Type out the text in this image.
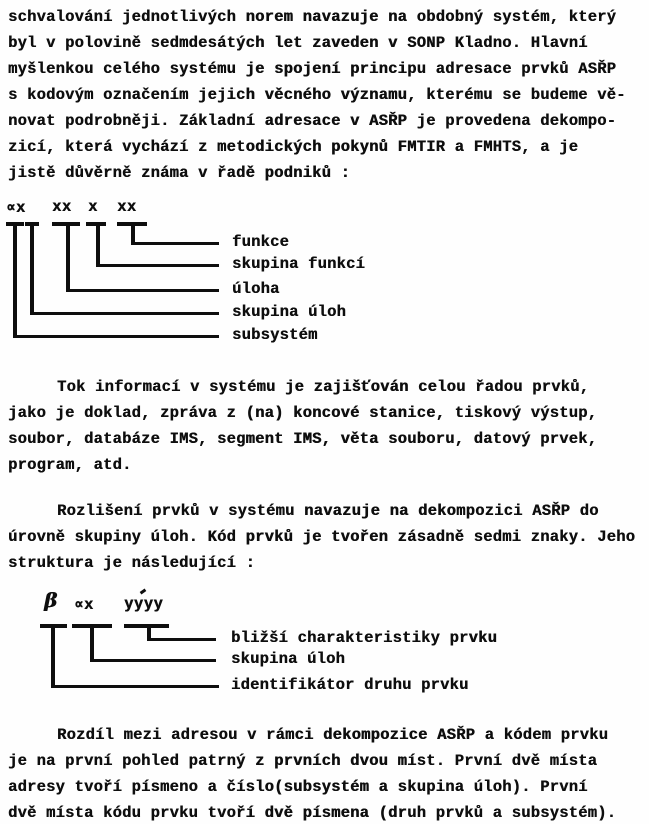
schvalování jednotlivých norem navazuje na obdobný systém, který
byl v polovině sedmdesátých let zaveden v SONP Kladno. Hlavní
myšlenkou celého systému je spojení principu adresace prvků ASŘP
s kodovým označením jejich věcného významu, kterému se budeme vě-
novat podrobněji. Základní adresace v ASŘP je provedena dekompo-
zicí, která vychází z metodických pokynů FMTIR a FMHTS, a je
jistě důvěrně známa v řadě podniků :
∝x xx x xx
funkce
skupina funkcí
úloha
skupina úloh
subsystém
Tok informací v systému je zajišťován celou řadou prvků,
jako je doklad, zpráva z (na) koncové stanice, tiskový výstup,
soubor, databáze IMS, segment IMS, věta souboru, datový prvek,
program, atd.
Rozlišení prvků v systému navazuje na dekompozici ASŘP do
úrovně skupiny úloh. Kód prvků je tvořen zásadně sedmi znaky. Jeho
struktura je následující :
β ∝x yyyy
bližší charakteristiky prvku
skupina úloh
identifikátor druhu prvku
Rozdíl mezi adresou v rámci dekompozice ASŘP a kódem prvku
je na první pohled patrný z prvních dvou míst. První dvě místa
adresy tvoří písmeno a číslo(subsystém a skupina úloh). První
dvě místa kódu prvku tvoří dvě písmena (druh prvků a subsystém).
